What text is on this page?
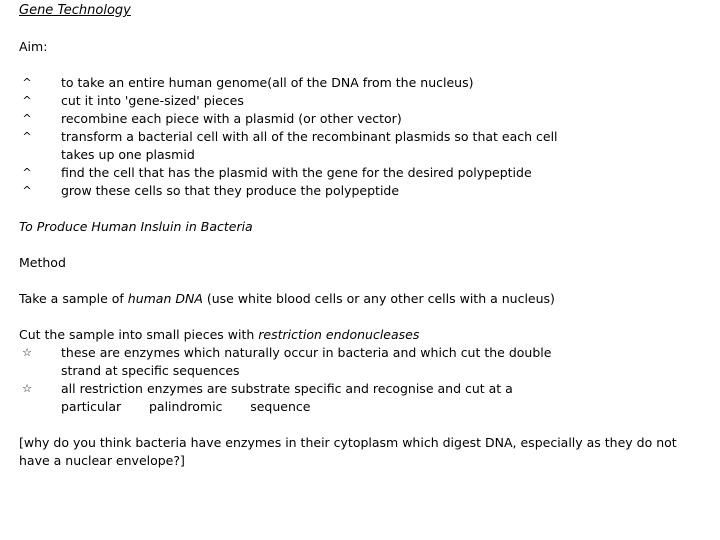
Gene Technology
Aim:
^ to take an entire human genome(all of the DNA from the nucleus)
^ cut it into 'gene-sized' pieces
^ recombine each piece with a plasmid (or other vector)
^ transform a bacterial cell with all of the recombinant plasmids so that each cell
takes up one plasmid
^ find the cell that has the plasmid with the gene for the desired polypeptide
^ grow these cells so that they produce the polypeptide
To Produce Human Insluin in Bacteria
Method
Take a sample of human DNA (use white blood cells or any other cells with a nucleus)
Cut the sample into small pieces with restriction endonucleases
☆ these are enzymes which naturally occur in bacteria and which cut the double
strand at specific sequences
☆ all restriction enzymes are substrate specific and recognise and cut at a
particular       palindromic       sequence
[why do you think bacteria have enzymes in their cytoplasm which digest DNA, especially as they do not
have a nuclear envelope?]
